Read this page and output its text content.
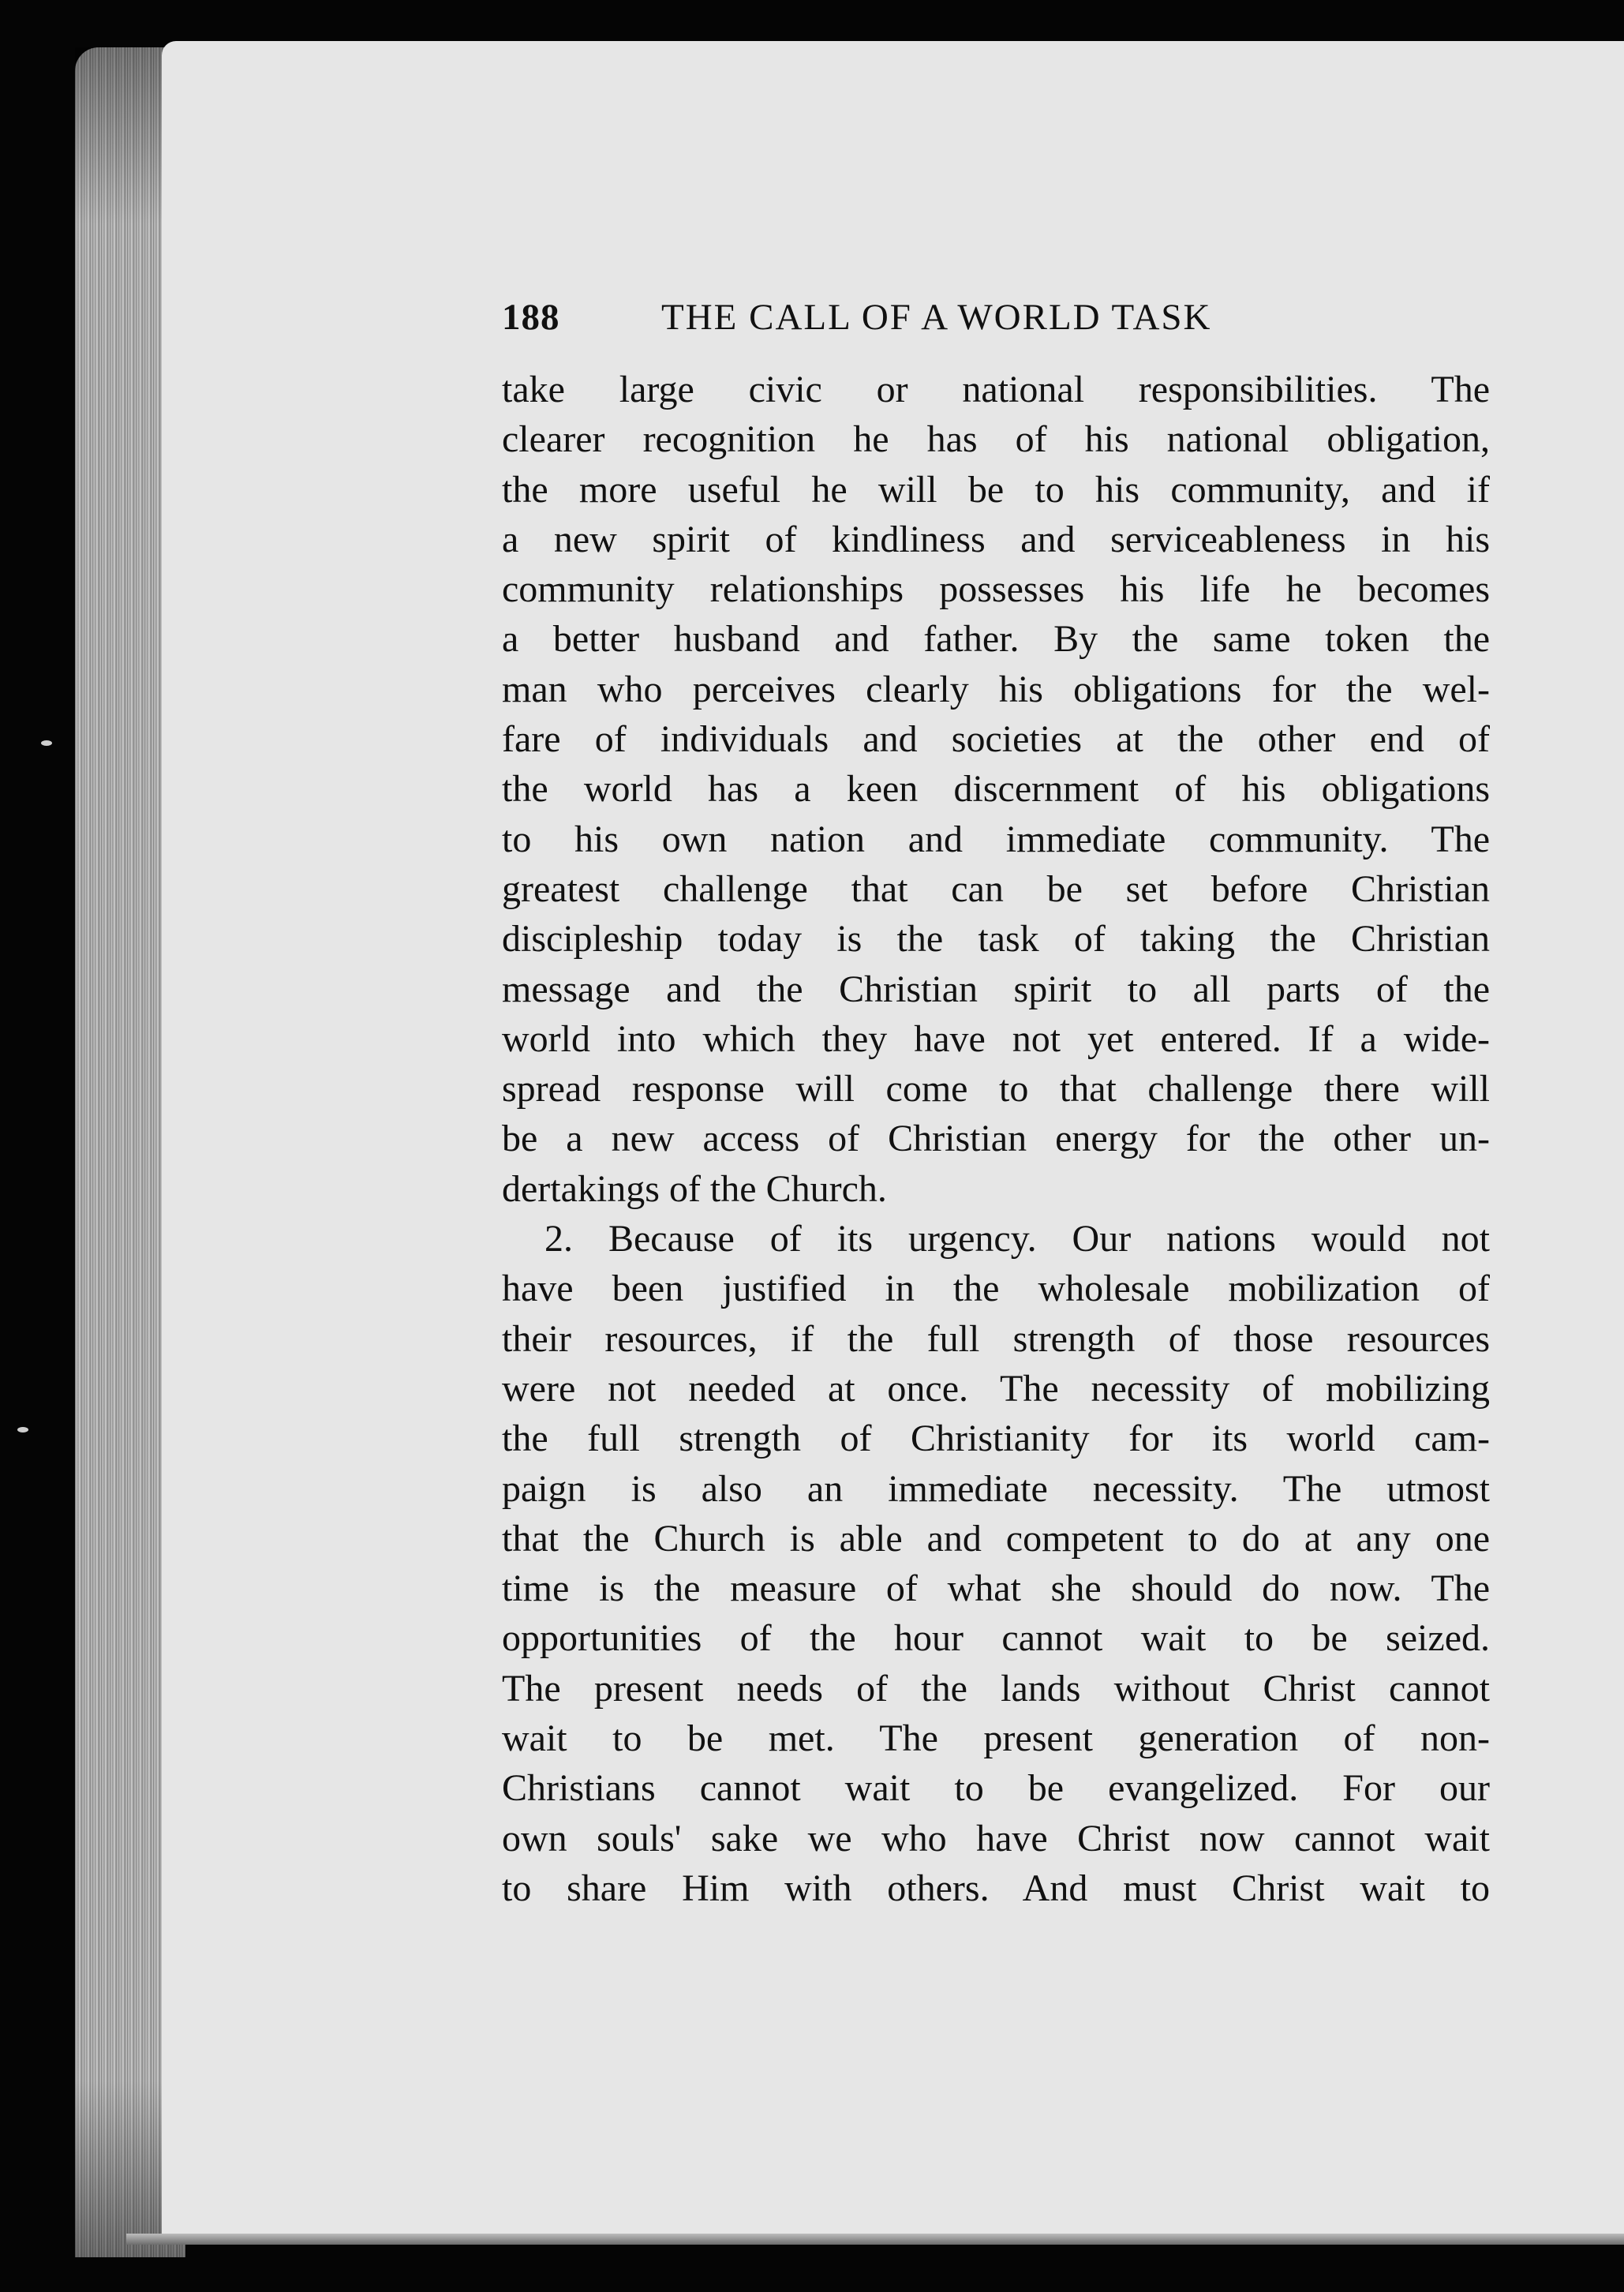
188	THE CALL OF A WORLD TASK
take large civic or national responsibilities. The
clearer recognition he has of his national obligation,
the more useful he will be to his community, and if
a new spirit of kindliness and serviceableness in his
community relationships possesses his life he becomes
a better husband and father. By the same token the
man who perceives clearly his obligations for the wel-
fare of individuals and societies at the other end of
the world has a keen discernment of his obligations
to his own nation and immediate community. The
greatest challenge that can be set before Christian
discipleship today is the task of taking the Christian
message and the Christian spirit to all parts of the
world into which they have not yet entered. If a wide-
spread response will come to that challenge there will
be a new access of Christian energy for the other un-
dertakings of the Church.
2. Because of its urgency. Our nations would not
have been justified in the wholesale mobilization of
their resources, if the full strength of those resources
were not needed at once. The necessity of mobilizing
the full strength of Christianity for its world cam-
paign is also an immediate necessity. The utmost
that the Church is able and competent to do at any one
time is the measure of what she should do now. The
opportunities of the hour cannot wait to be seized.
The present needs of the lands without Christ cannot
wait to be met. The present generation of non-
Christians cannot wait to be evangelized. For our
own souls' sake we who have Christ now cannot wait
to share Him with others. And must Christ wait to
